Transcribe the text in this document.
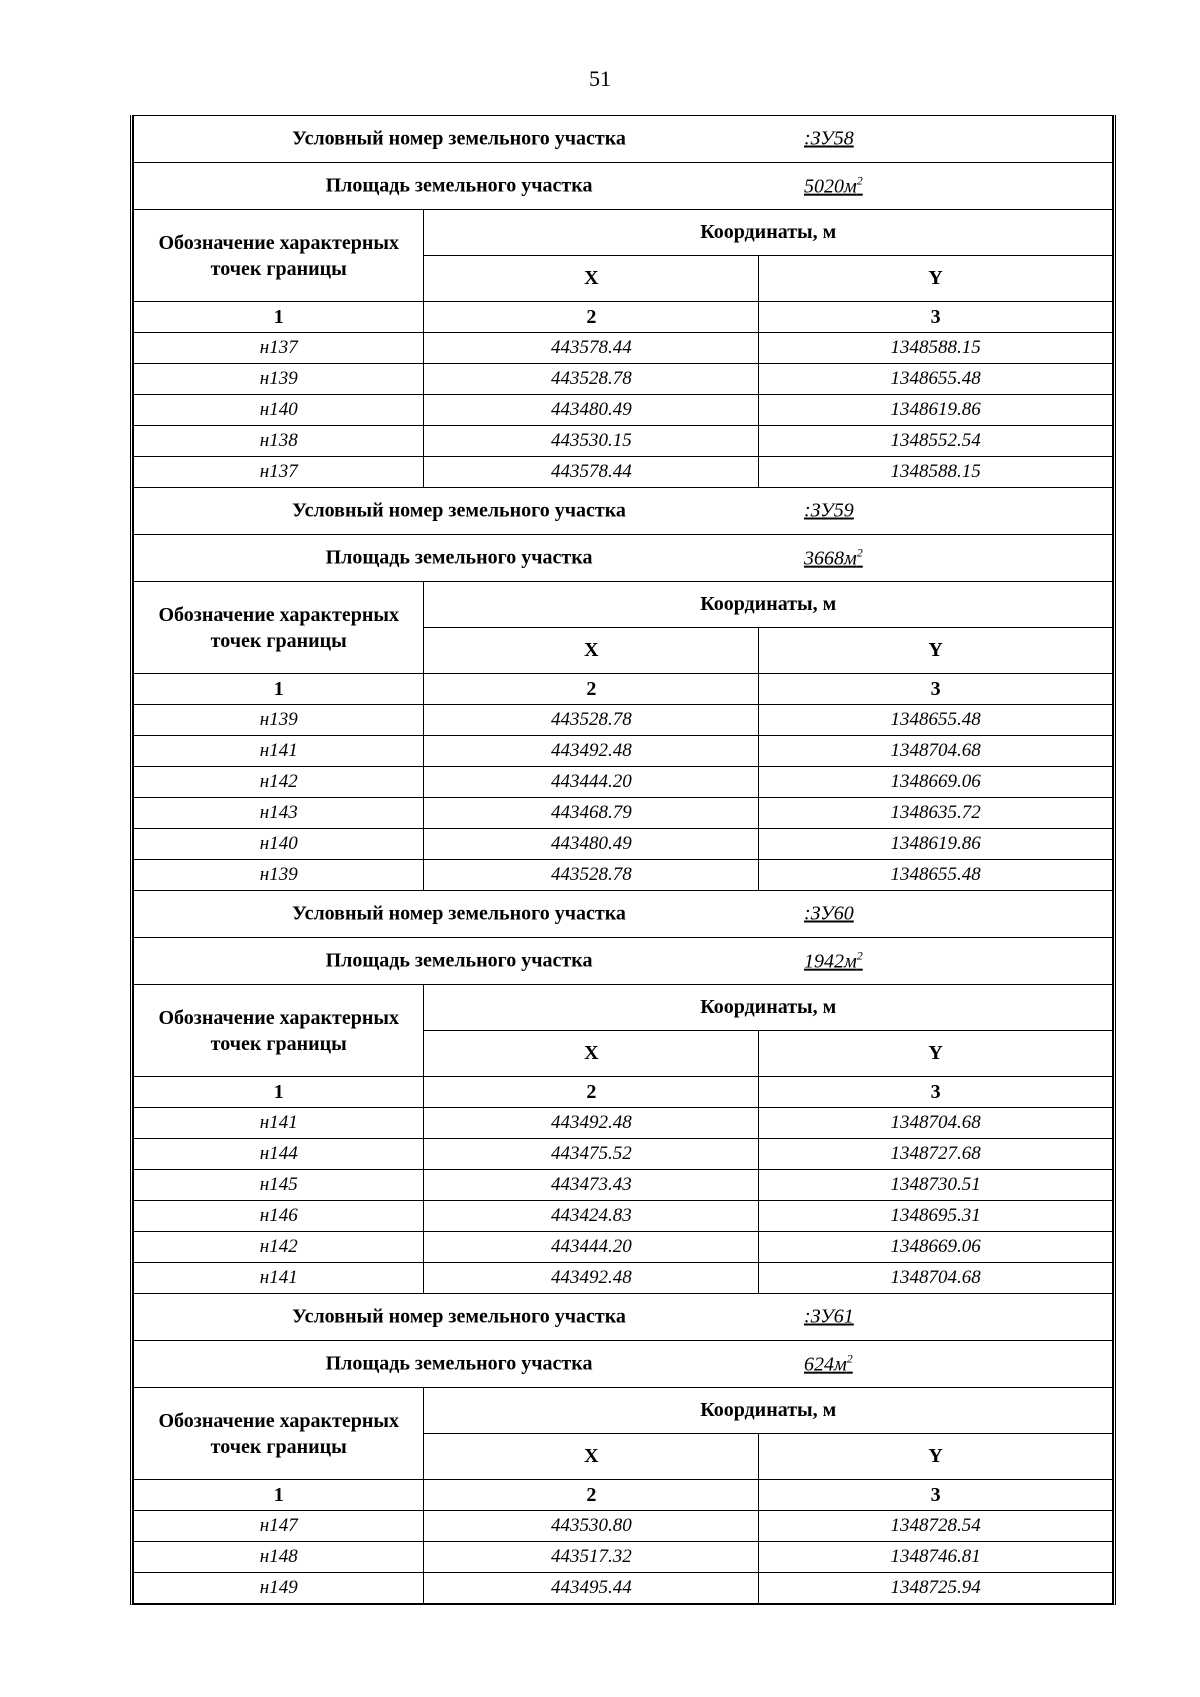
51
Условный номер земельного участка :ЗУ58		

Площадь земельного участка $5020м^2$

Обозначение характерных точек границы	Координаты, м	
	X	Y
1	2	3
н137	443578.44	1348588.15
н139	443528.78	1348655.48
н140	443480.49	1348619.86
н138	443530.15	1348552.54
н137	443578.44	1348588.15

Условный номер земельного участка :ЗУ59		

Площадь земельного участка $3668м^2$

Обозначение характерных точек границы	Координаты, м	
	X	Y
1	2	3
н139	443528.78	1348655.48
н141	443492.48	1348704.68
н142	443444.20	1348669.06
н143	443468.79	1348635.72
н140	443480.49	1348619.86
н139	443528.78	1348655.48

Условный номер земельного участка :ЗУ60		

Площадь земельного участка $1942м^2$

Обозначение характерных точек границы	Координаты, м	
	X	Y
1	2	3
н141	443492.48	1348704.68
н144	443475.52	1348727.68
н145	443473.43	1348730.51
н146	443424.83	1348695.31
н142	443444.20	1348669.06
н141	443492.48	1348704.68

Условный номер земельного участка :ЗУ61		

Площадь земельного участка $624м^2$

Обозначение характерных точек границы	Координаты, м	
	X	Y
1	2	3
н147	443530.80	1348728.54
н148	443517.32	1348746.81
н149	443495.44	1348725.94
